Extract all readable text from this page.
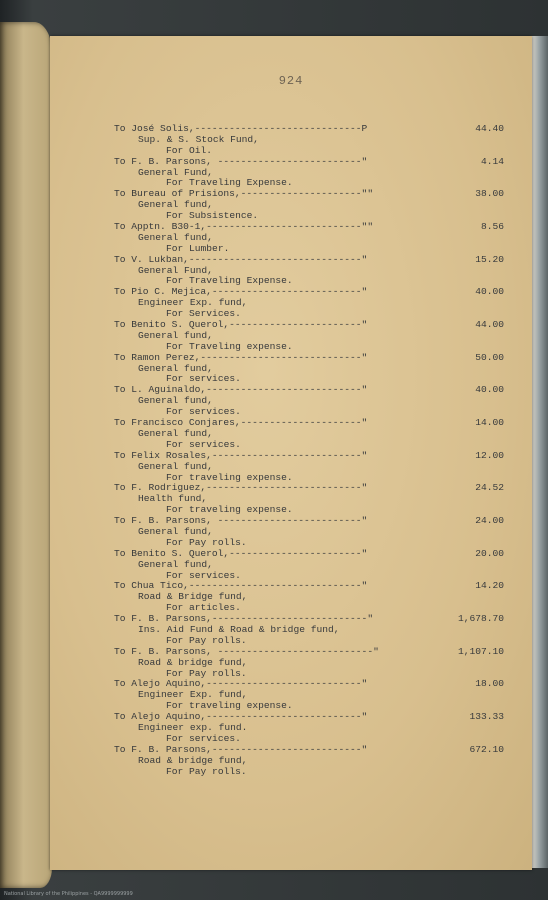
924
To José Solis,-----------------------------P	44.40
Sup. & S. Stock Fund,
For Oil.
To F. B. Parsons, -------------------------"	4.14
General Fund,
For Traveling Expense.
To Bureau of Prisions,---------------------""	38.00
General fund,
For Subsistence.
To Apptn. B30-1,---------------------------""	8.56
General fund,
For Lumber.
To V. Lukban,------------------------------"	15.20
General Fund,
For Traveling Expense.
To Pio C. Mejica,--------------------------"	40.00
Engineer Exp. fund,
For Services.
To Benito S. Querol,-----------------------"	44.00
General fund,
For Traveling expense.
To Ramon Perez,----------------------------"	50.00
General fund,
For services.
To L. Aguinaldo,---------------------------"	40.00
General fund,
For services.
To Francisco Conjares,---------------------"	14.00
General fund,
For services.
To Felix Rosales,--------------------------"	12.00
General fund,
For traveling expense.
To F. Rodriguez,---------------------------"	24.52
Health fund,
For traveling expense.
To F. B. Parsons, -------------------------"	24.00
General fund,
For Pay rolls.
To Benito S. Querol,-----------------------"	20.00
General fund,
For services.
To Chua Tico,------------------------------"	14.20
Road & Bridge fund,
For articles.
To F. B. Parsons,---------------------------"	1,678.70
Ins. Aid Fund & Road & bridge fund,
For Pay rolls.
To F. B. Parsons, ---------------------------"	1,107.10
Road & bridge fund,
For Pay rolls.
To Alejo Aquino,---------------------------"	18.00
Engineer Exp. fund,
For traveling expense.
To Alejo Aquino,---------------------------"	133.33
Engineer exp. fund.
For services.
To F. B. Parsons,--------------------------"	672.10
Road & bridge fund,
For Pay rolls.
National Library of the Philippines - QA9999999999
